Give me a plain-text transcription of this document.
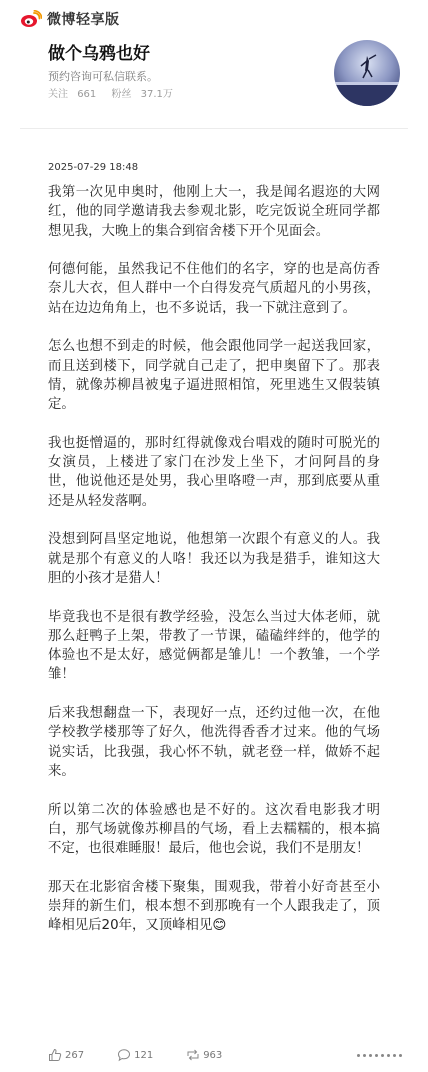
微博轻享版
做个乌鸦也好
预约咨询可私信联系。
关注 661 粉丝 37.1万
2025-07-29 18:48

我第一次见申奥时，他刚上大一，我是闻名遐迩的大网红，他的同学邀请我去参观北影，吃完饭说全班同学都想见我，大晚上的集合到宿舍楼下开个见面会。

何德何能，虽然我记不住他们的名字，穿的也是高仿香奈儿大衣，但人群中一个白得发亮气质超凡的小男孩，站在边边角角上，也不多说话，我一下就注意到了。

怎么也想不到走的时候，他会跟他同学一起送我回家，而且送到楼下，同学就自己走了，把申奥留下了。那表情，就像苏柳昌被鬼子逼进照相馆，死里逃生又假装镇定。

我也挺憎逼的，那时红得就像戏台唱戏的随时可脱光的女演员，上楼进了家门在沙发上坐下，才问阿昌的身世，他说他还是处男，我心里咯噔一声，那到底要从重还是从轻发落啊。

没想到阿昌坚定地说，他想第一次跟个有意义的人。我就是那个有意义的人咯！我还以为我是猎手，谁知这大胆的小孩才是猎人！

毕竟我也不是很有教学经验，没怎么当过大体老师，就那么赶鸭子上架，带教了一节课，磕磕绊绊的，他学的体验也不是太好，感觉俩都是雏儿！一个教雏，一个学雏！

后来我想翻盘一下，表现好一点，还约过他一次，在他学校教学楼那等了好久，他洗得香香才过来。他的气场说实话，比我强，我心怀不轨，就老登一样，做娇不起来。

所以第二次的体验感也是不好的。这次看电影我才明白，那气场就像苏柳昌的气场，看上去糯糯的，根本搞不定，也很难睡服！最后，他也会说，我们不是朋友！

那天在北影宿舍楼下聚集，围观我，带着小好奇甚至小崇拜的新生们，根本想不到那晚有一个人跟我走了，顶峰相见后20年，又顶峰相见😊

267	121	963
